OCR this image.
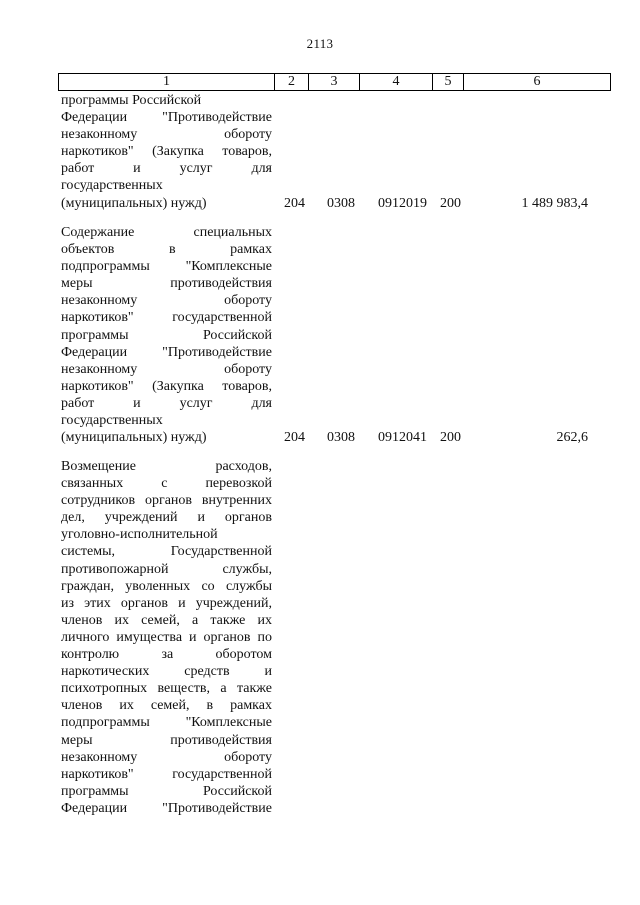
2113
1	2	3	4	5	6
программы Российской
Федерации "Противодействие
незаконному обороту
наркотиков" (Закупка товаров,
работ и услуг для
государственных
(муниципальных) нужд)	204 0308 0912019 200	1 489 983,4
Содержание специальных
объектов в рамках
подпрограммы "Комплексные
меры противодействия
незаконному обороту
наркотиков" государственной
программы Российской
Федерации "Противодействие
незаконному обороту
наркотиков" (Закупка товаров,
работ и услуг для
государственных
(муниципальных) нужд)	204 0308 0912041 200	262,6
Возмещение расходов,
связанных с перевозкой
сотрудников органов внутренних
дел, учреждений и органов
уголовно-исполнительной
системы, Государственной
противопожарной службы,
граждан, уволенных со службы
из этих органов и учреждений,
членов их семей, а также их
личного имущества и органов по
контролю за оборотом
наркотических средств и
психотропных веществ, а также
членов их семей, в рамках
подпрограммы "Комплексные
меры противодействия
незаконному обороту
наркотиков" государственной
программы Российской
Федерации "Противодействие
